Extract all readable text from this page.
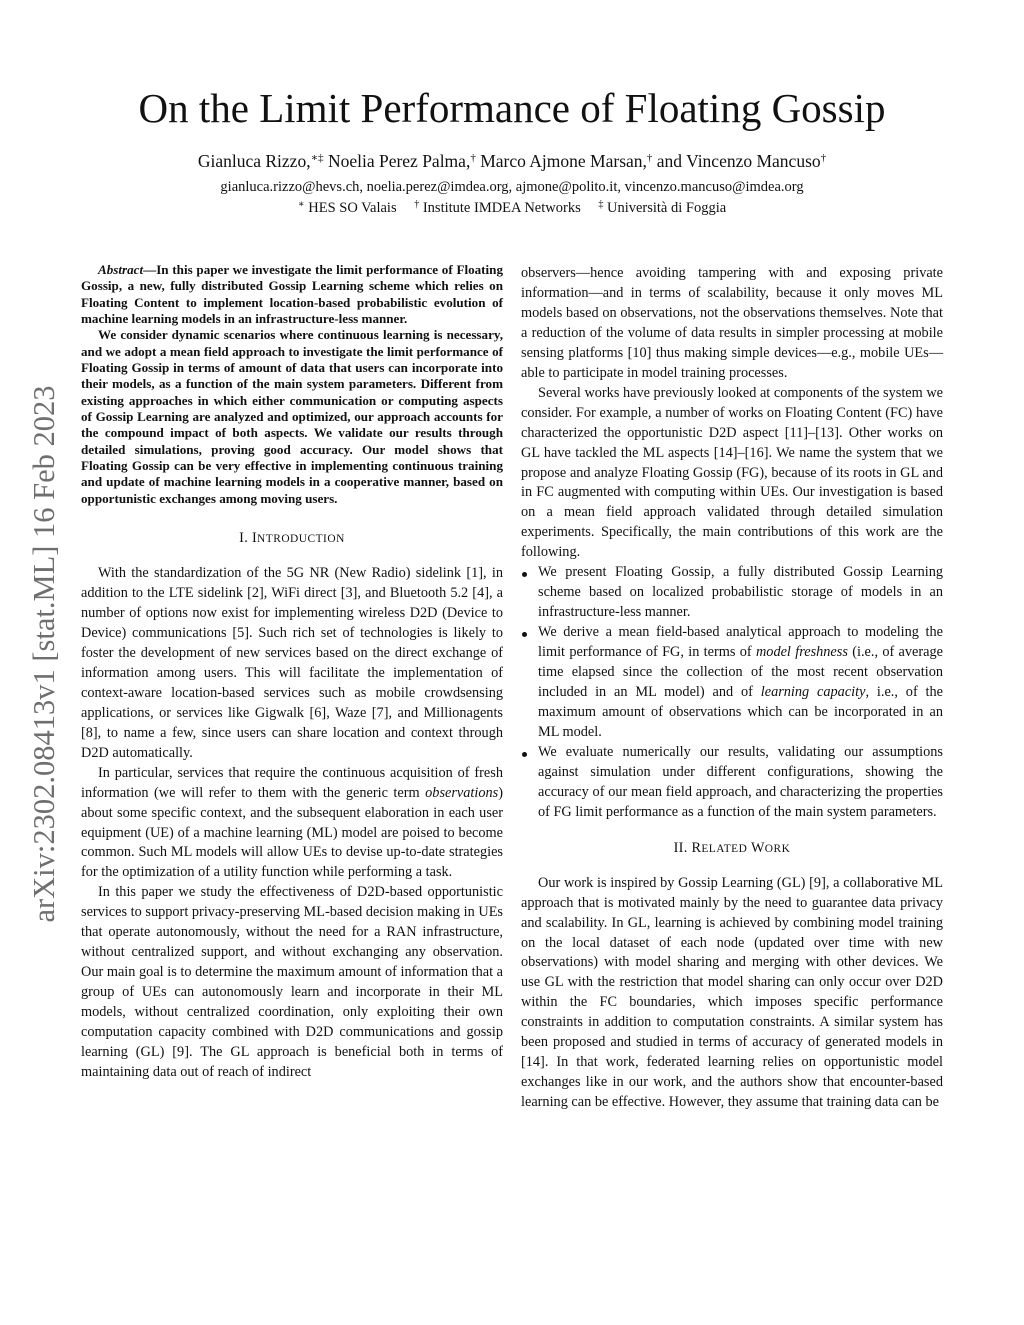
arXiv:2302.08413v1 [stat.ML] 16 Feb 2023
On the Limit Performance of Floating Gossip
Gianluca Rizzo,∗‡ Noelia Perez Palma,† Marco Ajmone Marsan,† and Vincenzo Mancuso†
gianluca.rizzo@hevs.ch, noelia.perez@imdea.org, ajmone@polito.it, vincenzo.mancuso@imdea.org
∗ HES SO Valais † Institute IMDEA Networks ‡ Università di Foggia

Abstract—In this paper we investigate the limit performance of Floating Gossip, a new, fully distributed Gossip Learning scheme which relies on Floating Content to implement location-based probabilistic evolution of machine learning models in an infrastructure-less manner.

We consider dynamic scenarios where continuous learning is necessary, and we adopt a mean field approach to investigate the limit performance of Floating Gossip in terms of amount of data that users can incorporate into their models, as a function of the main system parameters. Different from existing approaches in which either communication or computing aspects of Gossip Learning are analyzed and optimized, our approach accounts for the compound impact of both aspects. We validate our results through detailed simulations, proving good accuracy. Our model shows that Floating Gossip can be very effective in implementing continuous training and update of machine learning models in a cooperative manner, based on opportunistic exchanges among moving users.

I. INTRODUCTION

With the standardization of the 5G NR (New Radio) sidelink [1], in addition to the LTE sidelink [2], WiFi direct [3], and Bluetooth 5.2 [4], a number of options now exist for implementing wireless D2D (Device to Device) communications [5]. Such rich set of technologies is likely to foster the development of new services based on the direct exchange of information among users. This will facilitate the implementation of context-aware location-based services such as mobile crowdsensing applications, or services like Gigwalk [6], Waze [7], and Millionagents [8], to name a few, since users can share location and context through D2D automatically.

In particular, services that require the continuous acquisition of fresh information (we will refer to them with the generic term observations) about some specific context, and the subsequent elaboration in each user equipment (UE) of a machine learning (ML) model are poised to become common. Such ML models will allow UEs to devise up-to-date strategies for the optimization of a utility function while performing a task.

In this paper we study the effectiveness of D2D-based opportunistic services to support privacy-preserving ML-based decision making in UEs that operate autonomously, without the need for a RAN infrastructure, without centralized support, and without exchanging any observation. Our main goal is to determine the maximum amount of information that a group of UEs can autonomously learn and incorporate in their ML models, without centralized coordination, only exploiting their own computation capacity combined with D2D communications and gossip learning (GL) [9]. The GL approach is beneficial both in terms of maintaining data out of reach of indirect

observers—hence avoiding tampering with and exposing private information—and in terms of scalability, because it only moves ML models based on observations, not the observations themselves. Note that a reduction of the volume of data results in simpler processing at mobile sensing platforms [10] thus making simple devices—e.g., mobile UEs—able to participate in model training processes.

Several works have previously looked at components of the system we consider. For example, a number of works on Floating Content (FC) have characterized the opportunistic D2D aspect [11]–[13]. Other works on GL have tackled the ML aspects [14]–[16]. We name the system that we propose and analyze Floating Gossip (FG), because of its roots in GL and in FC augmented with computing within UEs. Our investigation is based on a mean field approach validated through detailed simulation experiments. Specifically, the main contributions of this work are the following.

We present Floating Gossip, a fully distributed Gossip Learning scheme based on localized probabilistic storage of models in an infrastructure-less manner.
We derive a mean field-based analytical approach to modeling the limit performance of FG, in terms of model freshness (i.e., of average time elapsed since the collection of the most recent observation included in an ML model) and of learning capacity, i.e., of the maximum amount of observations which can be incorporated in an ML model.
We evaluate numerically our results, validating our assumptions against simulation under different configurations, showing the accuracy of our mean field approach, and characterizing the properties of FG limit performance as a function of the main system parameters.
II. RELATED WORK

Our work is inspired by Gossip Learning (GL) [9], a collaborative ML approach that is motivated mainly by the need to guarantee data privacy and scalability. In GL, learning is achieved by combining model training on the local dataset of each node (updated over time with new observations) with model sharing and merging with other devices. We use GL with the restriction that model sharing can only occur over D2D within the FC boundaries, which imposes specific performance constraints in addition to computation constraints. A similar system has been proposed and studied in terms of accuracy of generated models in [14]. In that work, federated learning relies on opportunistic model exchanges like in our work, and the authors show that encounter-based learning can be effective. However, they assume that training data can be
